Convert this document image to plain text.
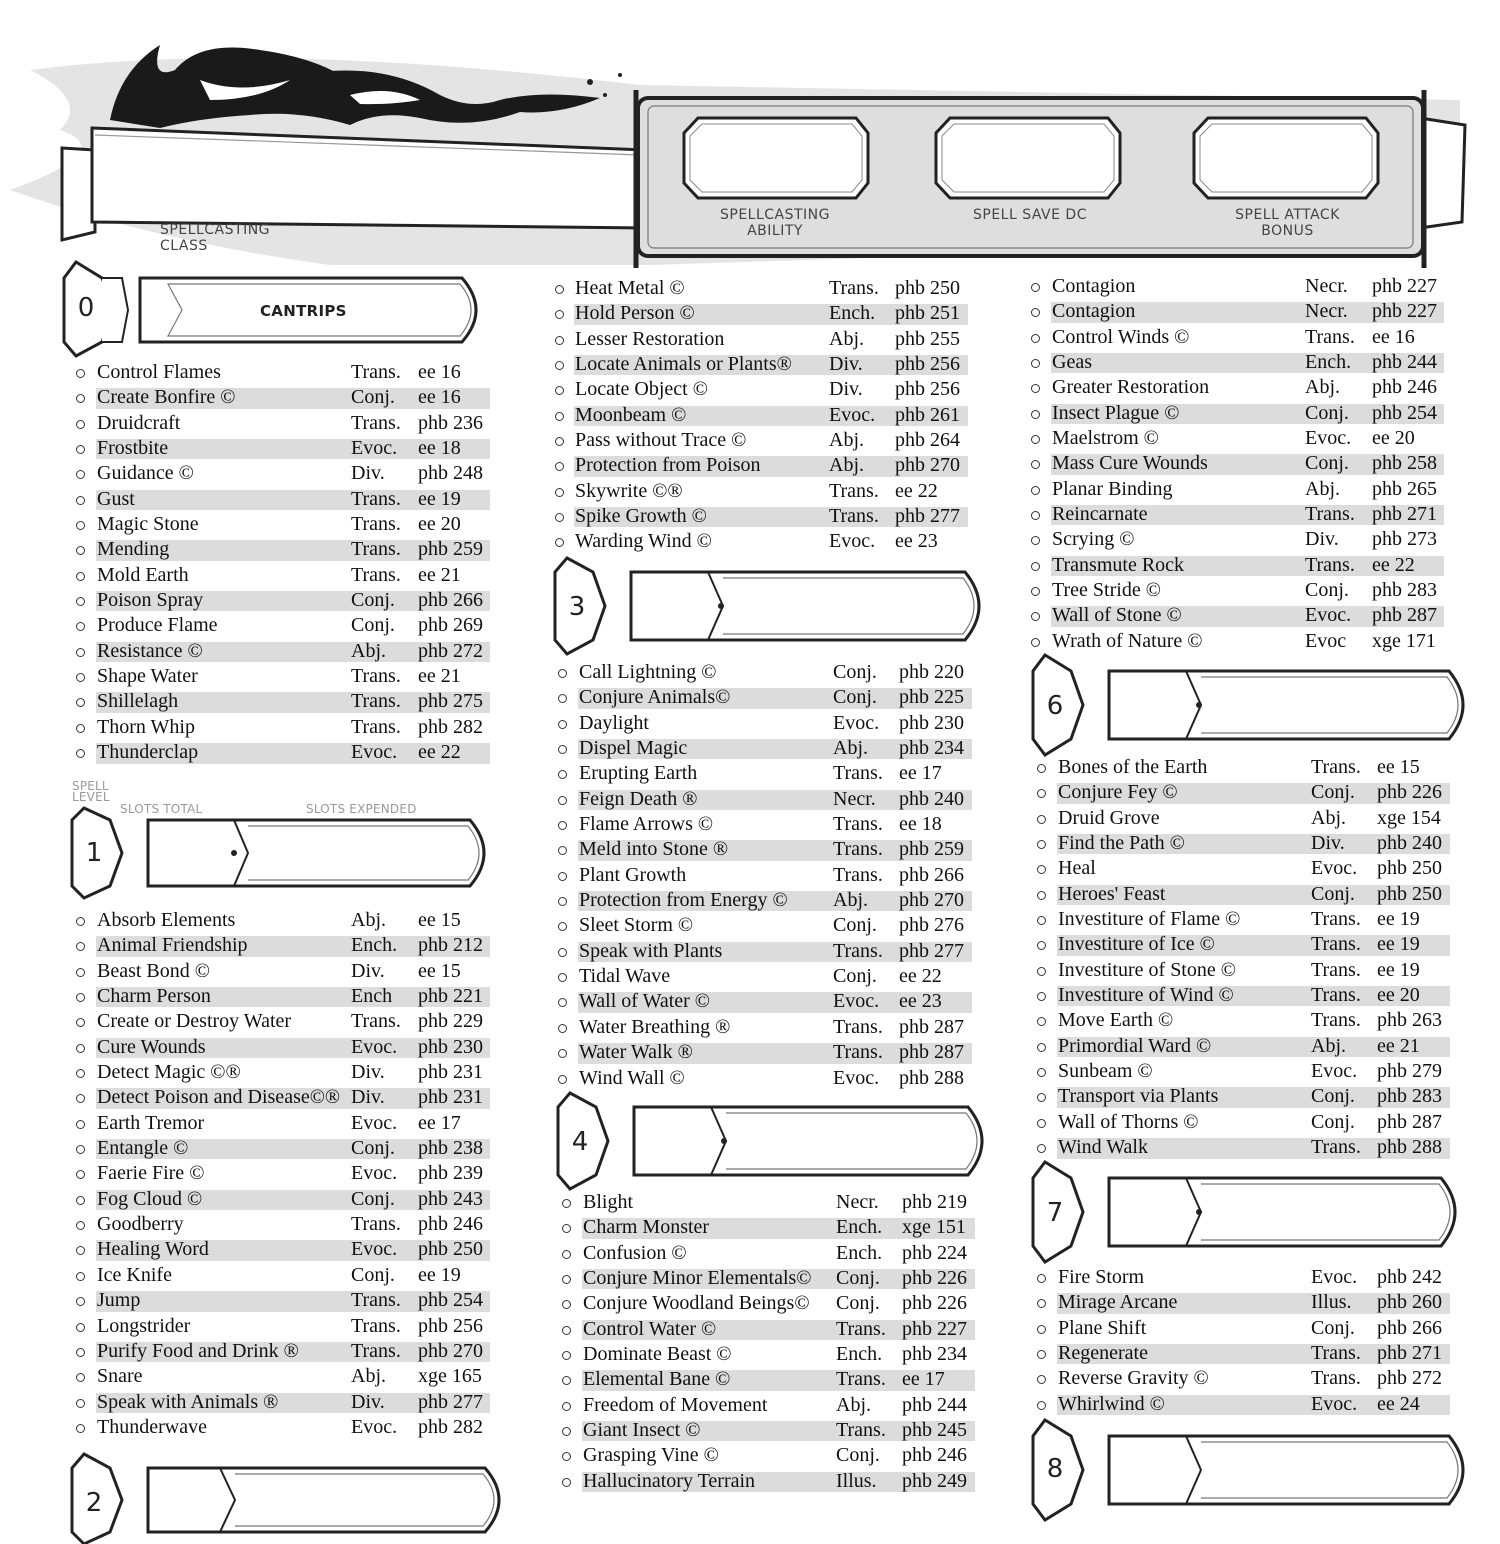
SPELLCASTING CLASS
SPELLCASTING ABILITY
SPELL SAVE DC	SPELL ATTACK BONUS
0	CANTRIPS
SPELL LEVEL
SLOTS TOTAL	SLOTS EXPENDED
1
2
3
4
6
7
8
Control Flames	Trans. ee 16
Create Bonfire ©	Conj. ee 16
Druidcraft	Trans. phb 236
Frostbite	Evoc. ee 18
Guidance ©	Div. phb 248
Gust	Trans. ee 19
Magic Stone	Trans. ee 20
Mending	Trans. phb 259
Mold Earth	Trans. ee 21
Poison Spray	Conj. phb 266
Produce Flame	Conj. phb 269
Resistance ©	Abj. phb 272
Shape Water	Trans. ee 21
Shillelagh	Trans. phb 275
Thorn Whip	Trans. phb 282
Thunderclap	Evoc. ee 22
Absorb Elements	Abj. ee 15
Animal Friendship	Ench. phb 212
Beast Bond ©	Div. ee 15
Charm Person	Ench phb 221
Create or Destroy Water	Trans. phb 229
Cure Wounds	Evoc. phb 230
Detect Magic ©®	Div. phb 231
Detect Poison and Disease©® Div. phb 231
Earth Tremor	Evoc. ee 17
Entangle ©	Conj. phb 238
Faerie Fire ©	Evoc. phb 239
Fog Cloud ©	Conj. phb 243
Goodberry	Trans. phb 246
Healing Word	Evoc. phb 250
Ice Knife	Conj. ee 19
Jump	Trans. phb 254
Longstrider	Trans. phb 256
Purify Food and Drink ®	Trans. phb 270
Snare	Abj. xge 165
Speak with Animals ®	Div. phb 277
Thunderwave	Evoc. phb 282
Heat Metal ©	Trans. phb 250
Hold Person ©	Ench. phb 251
Lesser Restoration	Abj. phb 255
Locate Animals or Plants®	Div. phb 256
Locate Object ©	Div. phb 256
Moonbeam ©	Evoc. phb 261
Pass without Trace ©	Abj. phb 264
Protection from Poison	Abj. phb 270
Skywrite ©®	Trans. ee 22
Spike Growth ©	Trans. phb 277
Warding Wind ©	Evoc. ee 23
Call Lightning ©	Conj. phb 220
Conjure Animals©	Conj. phb 225
Daylight	Evoc. phb 230
Dispel Magic	Abj. phb 234
Erupting Earth	Trans. ee 17
Feign Death ®	Necr. phb 240
Flame Arrows ©	Trans. ee 18
Meld into Stone ®	Trans. phb 259
Plant Growth	Trans. phb 266
Protection from Energy ©	Abj. phb 270
Sleet Storm ©	Conj. phb 276
Speak with Plants	Trans. phb 277
Tidal Wave	Conj. ee 22
Wall of Water ©	Evoc. ee 23
Water Breathing ®	Trans. phb 287
Water Walk ®	Trans. phb 287
Wind Wall ©	Evoc. phb 288
Blight	Necr. phb 219
Charm Monster	Ench. xge 151
Confusion ©	Ench. phb 224
Conjure Minor Elementals©	Conj. phb 226
Conjure Woodland Beings©	Conj. phb 226
Control Water ©	Trans. phb 227
Dominate Beast ©	Ench. phb 234
Elemental Bane ©	Trans. ee 17
Freedom of Movement	Abj. phb 244
Giant Insect ©	Trans. phb 245
Grasping Vine ©	Conj. phb 246
Hallucinatory Terrain	Illus. phb 249
Contagion	Necr. phb 227
Contagion	Necr. phb 227
Control Winds ©	Trans. ee 16
Geas	Ench. phb 244
Greater Restoration	Abj. phb 246
Insect Plague ©	Conj. phb 254
Maelstrom ©	Evoc. ee 20
Mass Cure Wounds	Conj. phb 258
Planar Binding	Abj. phb 265
Reincarnate	Trans. phb 271
Scrying ©	Div. phb 273
Transmute Rock	Trans. ee 22
Tree Stride ©	Conj. phb 283
Wall of Stone ©	Evoc. phb 287
Wrath of Nature ©	Evoc xge 171
Bones of the Earth	Trans. ee 15
Conjure Fey ©	Conj. phb 226
Druid Grove	Abj. xge 154
Find the Path ©	Div. phb 240
Heal	Evoc. phb 250
Heroes' Feast	Conj. phb 250
Investiture of Flame ©	Trans. ee 19
Investiture of Ice ©	Trans. ee 19
Investiture of Stone ©	Trans. ee 19
Investiture of Wind ©	Trans. ee 20
Move Earth ©	Trans. phb 263
Primordial Ward ©	Abj. ee 21
Sunbeam ©	Evoc. phb 279
Transport via Plants	Conj. phb 283
Wall of Thorns ©	Conj. phb 287
Wind Walk	Trans. phb 288
Fire Storm	Evoc. phb 242
Mirage Arcane	Illus. phb 260
Plane Shift	Conj. phb 266
Regenerate	Trans. phb 271
Reverse Gravity ©	Trans. phb 272
Whirlwind ©	Evoc. ee 24
